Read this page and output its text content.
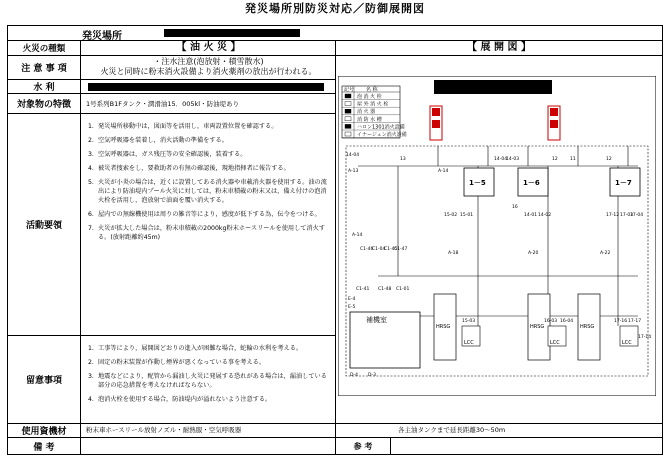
発災場所別防災対応／防御展開図
発災場所
火災の種類	【 油 火 災 】	【 展 開 図 】
注 意 事 項
・注水注意(泡放射・積雪散水)
火災と同時に粉末消火設備より消火薬剤の放出が行われる。
水 利
対象物の特徴	1号系列B1Fタンク・潤滑油15．005kl・防油堤あり
活動要領
1. 発災場所移動中は，図面等を活用し，車両設置位置を確認する。
2. 空気呼吸器を装着し，消火活動の準備をする。
3. 空気呼吸器は，ガス残圧等の安全確認後，装着する。
4. 被災者捜索をし，要救助者の有無の確認後，現地指揮者に報告する。
5. 火災が小炎の場合は，近くに設置してある消火器や車載消火器を使用する。油の流出により防油堤内プール火災に対しては，粉末車積載の粉末又は，備え付けの泡消火栓を活用し，泡放射で油面を覆い消火する。
6. 屋内での無線機使用は周りの雑音等により，感度が低下する為，伝令をつける。
7. 火災が拡大した場合は，粉末車積載の2000kg粉末ホースリールを使用して消火する。(放射距離約45m)
留意事項
1. 工事等により，展開図どおりの進入が困難な場合，蛇輪の水利を考える。
2. 固定の粉末装置が作動し煙界が悪くなっている事を考える。
3. 地震などにより，配管から漏油し火災に発展する恐れがある場合は，漏油している部分の応急措置を考えなければならない。
4. 泡消火栓を使用する場合，防油堤内が溢れないよう注意する。
使用資機材	粉末車ホースリール放射ノズル・耐熱服・空気呼吸器	各主油タンクまで延長距離30～50m
備 考	参 考
記号 名 称
泡 消 火 栓
屋 外 消 火 栓
消 火 器
消 防 水 槽
ハロン1301消火設備
イナージェン消火設備
1－5	1－6	1－7
補機室
HRSG	HRSG	HRSG
LCC	LCC	LCC
14-04
A-13
13
A-14
14-04
14-03	12	11	12
A-14
C1-46
C1-04
C1-45
C1-47
C1-41 C1-48 C1-01
15-02 15-01
A-18
14-01
16
14-02	17-12 17-03
A-20
17-04
A-22
15-03	16-03 16-04	17-16 17-17
17-14
E-4
E-5
D-4 D-3
